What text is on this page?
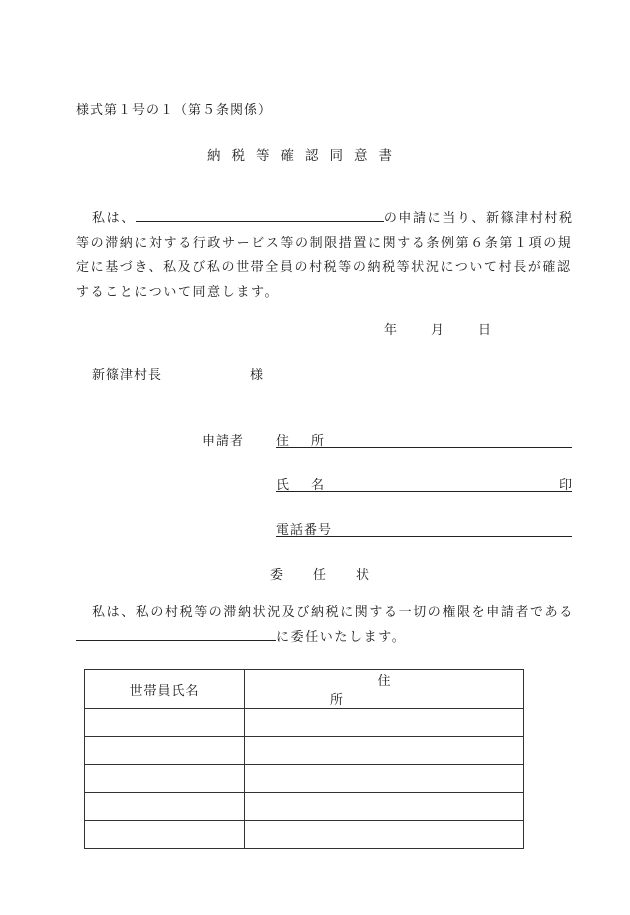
様式第１号の１（第５条関係）
納税等確認同意書
私は、	の申請に当り、新篠津村村税等の滞納に対する行政サービス等の制限措置に関する条例第６条第１項の規定に基づき、私及び私の世帯全員の村税等の納税等状況について村長が確認することについて同意します。
年	月	日
新篠津村長	様
申請者 住所
氏名	印
電話番号
委任状
私は、私の村税等の滞納状況及び納税に関する一切の権限を申請者であるに委任いたします。
世帯員氏名	住所
